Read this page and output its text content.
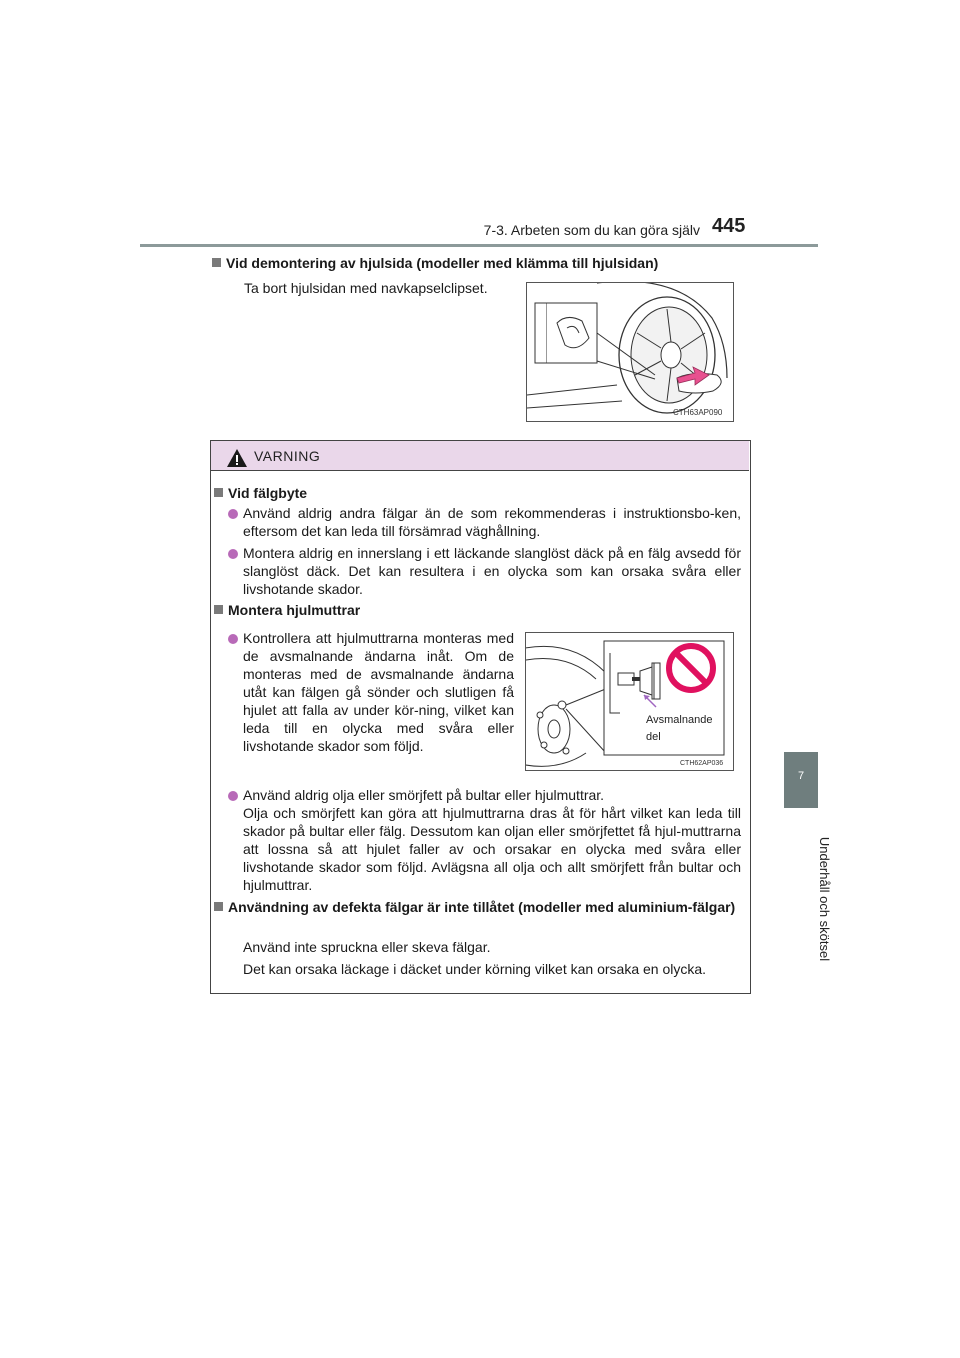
7-3. Arbeten som du kan göra själv 445
7
Underhåll och skötsel
Vid demontering av hjulsida (modeller med klämma till hjulsidan)
Ta bort hjulsidan med navkapselclipset.
CTH63AP090
VARNING
Vid fälgbyte
Använd aldrig andra fälgar än de som rekommenderas i instruktionsbo-ken, eftersom det kan leda till försämrad väghållning.
Montera aldrig en innerslang i ett läckande slanglöst däck på en fälg avsedd för slanglöst däck. Det kan resultera i en olycka som kan orsaka svåra eller livshotande skador.
Montera hjulmuttrar
Kontrollera att hjulmuttrarna monteras med de avsmalnande ändarna inåt. Om de monteras med de avsmalnande ändarna utåt kan fälgen gå sönder och slutligen få hjulet att falla av under kör-ning, vilket kan leda till en olycka med svåra eller livshotande skador som följd.
Avsmalnande
del
CTH62AP036
Använd aldrig olja eller smörjfett på bultar eller hjulmuttrar.
Olja och smörjfett kan göra att hjulmuttrarna dras åt för hårt vilket kan leda till skador på bultar eller fälg. Dessutom kan oljan eller smörjfettet få hjul-muttrarna att lossna så att hjulet faller av och orsakar en olycka med svåra eller livshotande skador som följd. Avlägsna all olja och allt smörjfett från bultar och hjulmuttrar.
Användning av defekta fälgar är inte tillåtet (modeller med aluminium-fälgar)
Använd inte spruckna eller skeva fälgar.
Det kan orsaka läckage i däcket under körning vilket kan orsaka en olycka.
